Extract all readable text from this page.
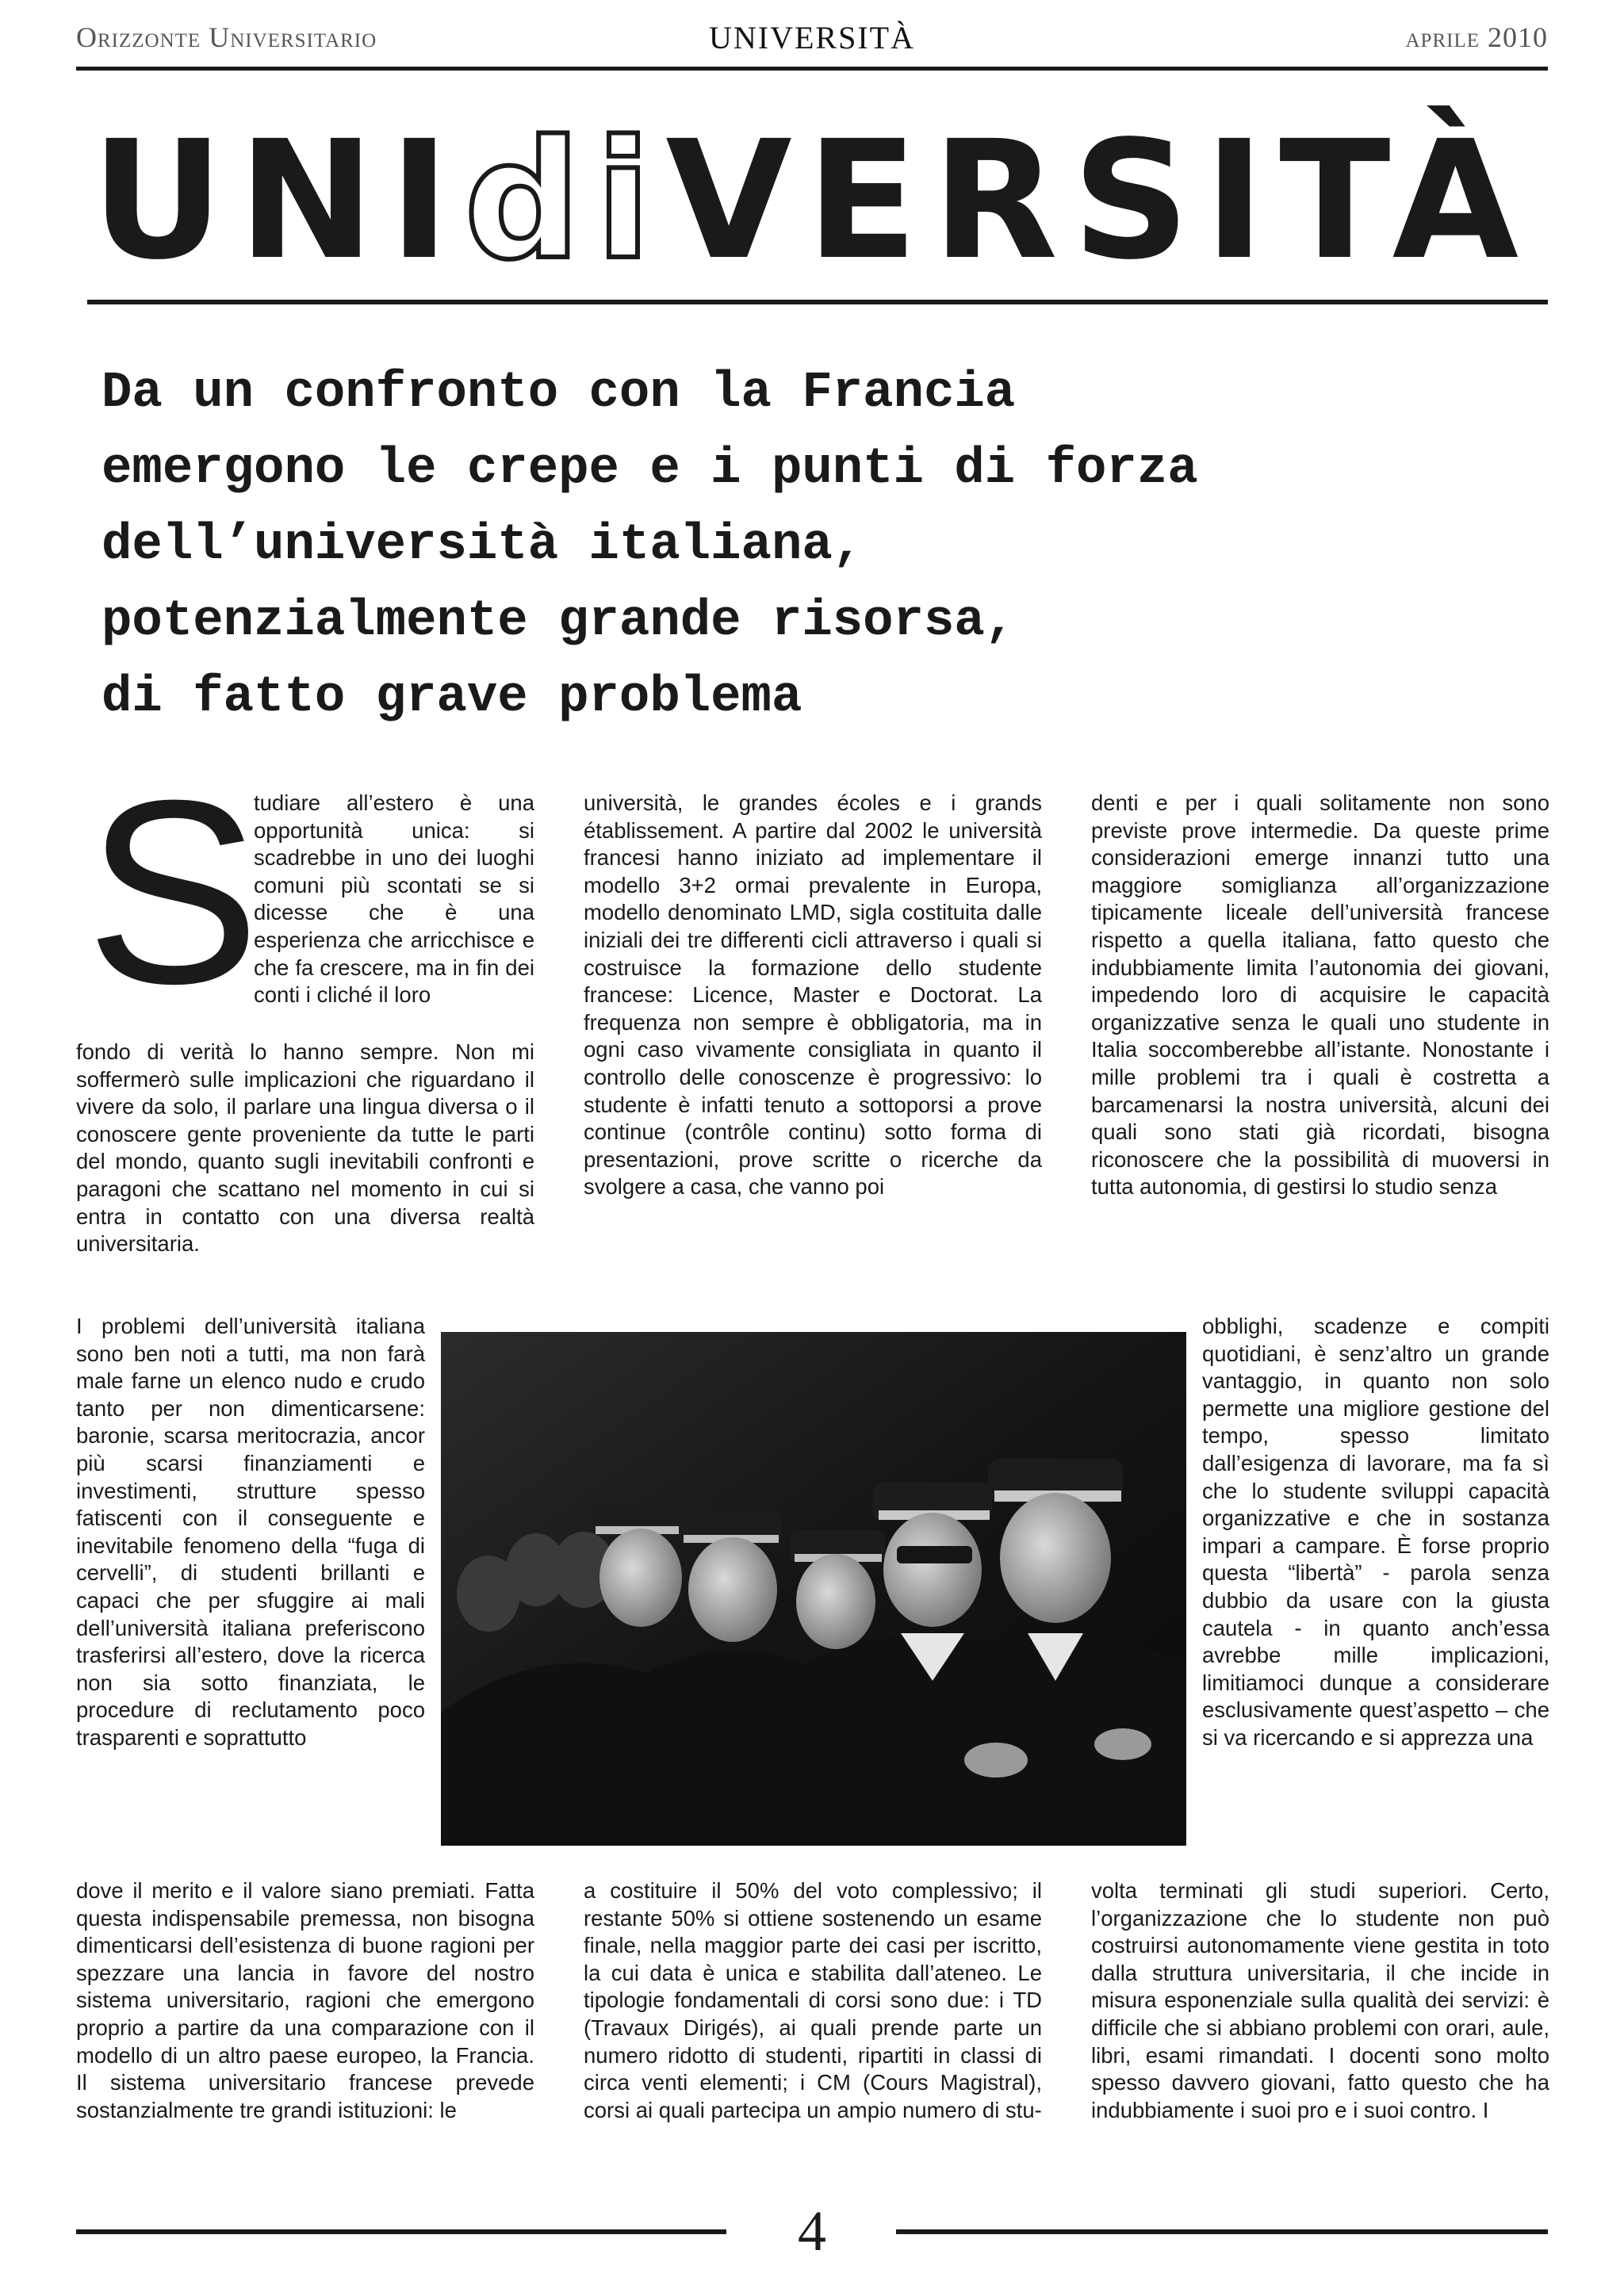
Orizzonte Universitario	UNIVERSITÀ	aprile 2010
UNIdiVERSITÀ
Da un confronto con la Francia
emergono le crepe e i punti di forza
dell’università italiana,
potenzialmente grande risorsa,
di fatto grave problema
S

tudiare all’estero è una opportunità unica: si scadrebbe in uno dei luoghi comuni più scontati se si dicesse che è una esperienza che arricchisce e che fa crescere, ma in fin dei conti i cliché il loro

fondo di verità lo hanno sempre. Non mi soffermerò sulle implicazioni che riguardano il vivere da solo, il parlare una lingua diversa o il conoscere gente proveniente da tutte le parti del mondo, quanto sugli inevitabili confronti e paragoni che scattano nel momento in cui si entra in contatto con una diversa realtà universitaria.

I problemi dell’università italiana sono ben noti a tutti, ma non farà male farne un elenco nudo e crudo tanto per non dimenticarsene: baronie, scarsa meritocrazia, ancor più scarsi finanziamenti e investimenti, strutture spesso fatiscenti con il conseguente e inevitabile fenomeno della “fuga di cervelli”, di studenti brillanti e capaci che per sfuggire ai mali dell’università italiana preferiscono trasferirsi all’estero, dove la ricerca non sia sotto finanziata, le procedure di reclutamento poco trasparenti e soprattutto

dove il merito e il valore siano premiati. Fatta questa indispensabile premessa, non bisogna dimenticarsi dell’esistenza di buone ragioni per spezzare una lancia in favore del nostro sistema universitario, ragioni che emergono proprio a partire da una comparazione con il modello di un altro paese europeo, la Francia. Il sistema universitario francese prevede sostanzialmente tre grandi istituzioni: le

università, le grandes écoles e i grands établissement. A partire dal 2002 le università francesi hanno iniziato ad implementare il modello 3+2 ormai prevalente in Europa, modello denominato LMD, sigla costituita dalle iniziali dei tre differenti cicli attraverso i quali si costruisce la formazione dello studente francese: Licence, Master e Doctorat. La frequenza non sempre è obbligatoria, ma in ogni caso vivamente consigliata in quanto il controllo delle conoscenze è progressivo: lo studente è infatti tenuto a sottoporsi a prove continue (contrôle continu) sotto forma di presentazioni, prove scritte o ricerche da svolgere a casa, che vanno poi

a costituire il 50% del voto complessivo; il restante 50% si ottiene sostenendo un esame finale, nella maggior parte dei casi per iscritto, la cui data è unica e stabilita dall’ateneo. Le tipologie fondamentali di corsi sono due: i TD (Travaux Dirigés), ai quali prende parte un numero ridotto di studenti, ripartiti in classi di circa venti elementi; i CM (Cours Magistral), corsi ai quali partecipa un ampio numero di stu-

denti e per i quali solitamente non sono previste prove intermedie. Da queste prime considerazioni emerge innanzi tutto una maggiore somiglianza all’organizzazione tipicamente liceale dell’università francese rispetto a quella italiana, fatto questo che indubbiamente limita l’autonomia dei giovani, impedendo loro di acquisire le capacità organizzative senza le quali uno studente in Italia soccomberebbe all’istante. Nonostante i mille problemi tra i quali è costretta a barcamenarsi la nostra università, alcuni dei quali sono stati già ricordati, bisogna riconoscere che la possibilità di muoversi in tutta autonomia, di gestirsi lo studio senza

obblighi, scadenze e compiti quotidiani, è senz’altro un grande vantaggio, in quanto non solo permette una migliore gestione del tempo, spesso limitato dall’esigenza di lavorare, ma fa sì che lo studente sviluppi capacità organizzative e che in sostanza impari a campare. È forse proprio questa “libertà” - parola senza dubbio da usare con la giusta cautela - in quanto anch’essa avrebbe mille implicazioni, limitiamoci dunque a considerare esclusivamente quest’aspetto – che si va ricercando e si apprezza una

volta terminati gli studi superiori. Certo, l’organizzazione che lo studente non può costruirsi autonomamente viene gestita in toto dalla struttura universitaria, il che incide in misura esponenziale sulla qualità dei servizi: è difficile che si abbiano problemi con orari, aule, libri, esami rimandati. I docenti sono molto spesso davvero giovani, fatto questo che ha indubbiamente i suoi pro e i suoi contro. I

4
